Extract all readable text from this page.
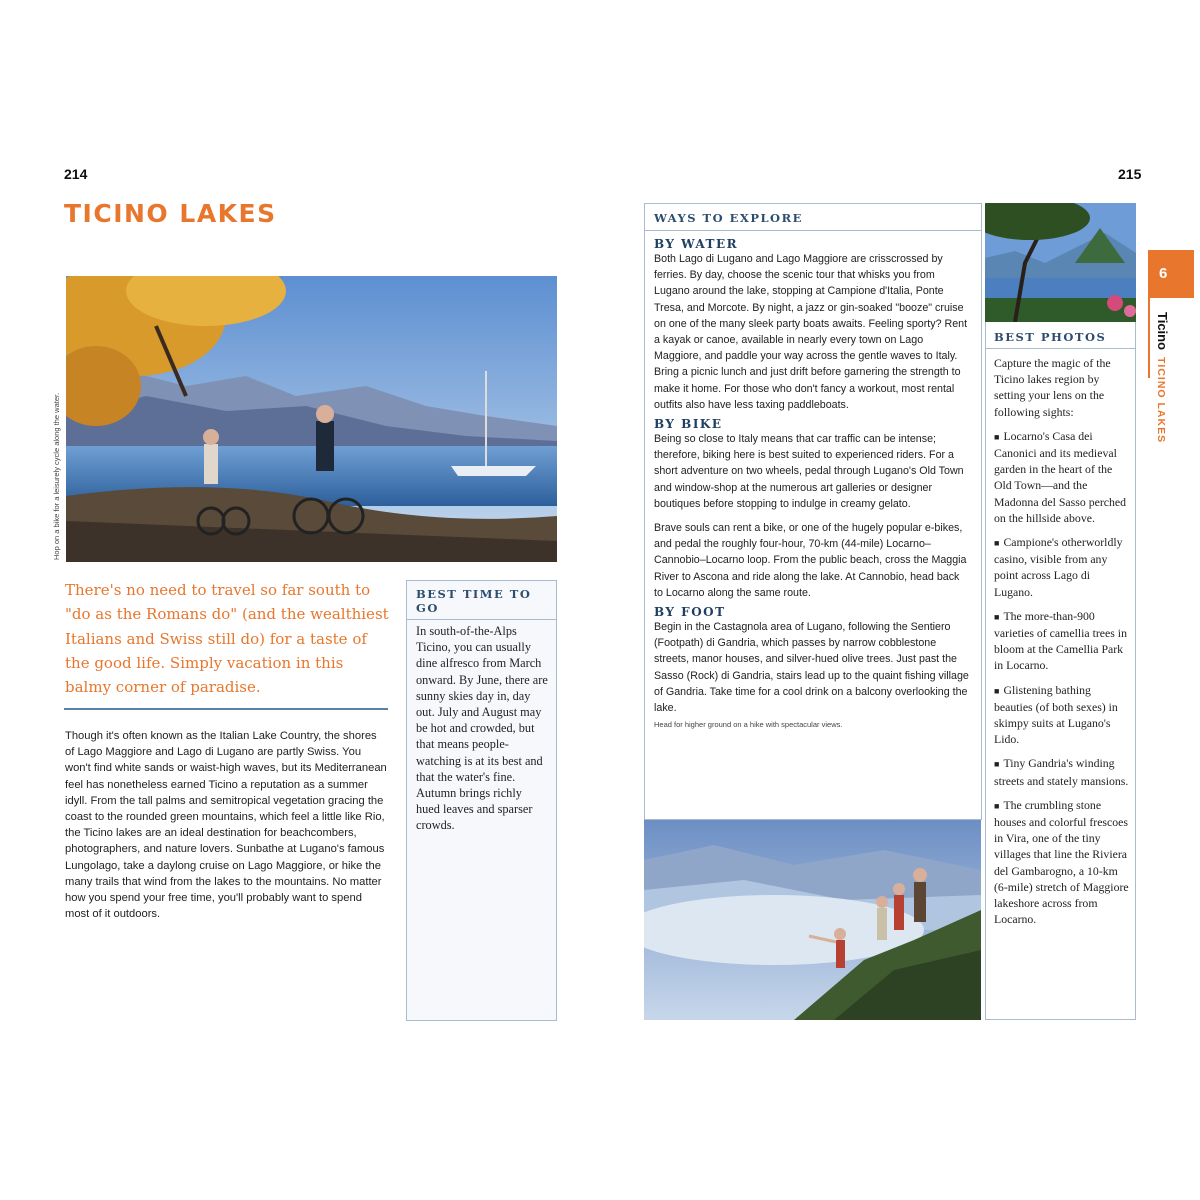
214	215
TICINO LAKES
Hop on a bike for a leisurely cycle along the water.
There's no need to travel so far south to "do as the Romans do" (and the wealthiest Italians and Swiss still do) for a taste of the good life. Simply vacation in this balmy corner of paradise.
Though it's often known as the Italian Lake Country, the shores of Lago Maggiore and Lago di Lugano are partly Swiss. You won't find white sands or waist-high waves, but its Mediterranean feel has nonetheless earned Ticino a reputation as a summer idyll. From the tall palms and semitropical vegetation gracing the coast to the rounded green mountains, which feel a little like Rio, the Ticino lakes are an ideal destination for beachcombers, photographers, and nature lovers. Sunbathe at Lugano's famous Lungolago, take a daylong cruise on Lago Maggiore, or hike the many trails that wind from the lakes to the mountains. No matter how you spend your free time, you'll probably want to spend most of it outdoors.
BEST TIME TO GO
In south-of-the-Alps Ticino, you can usually dine alfresco from March onward. By June, there are sunny skies day in, day out. July and August may be hot and crowded, but that means people-watching is at its best and that the water's fine. Autumn brings richly hued leaves and sparser crowds.
WAYS TO EXPLORE
BY WATER
Both Lago di Lugano and Lago Maggiore are crisscrossed by ferries. By day, choose the scenic tour that whisks you from Lugano around the lake, stopping at Campione d'Italia, Ponte Tresa, and Morcote. By night, a jazz or gin-soaked "booze" cruise on one of the many sleek party boats awaits. Feeling sporty? Rent a kayak or canoe, available in nearly every town on Lago Maggiore, and paddle your way across the gentle waves to Italy. Bring a picnic lunch and just drift before garnering the strength to make it home. For those who don't fancy a workout, most rental outfits also have less taxing paddleboats.
BY BIKE
Being so close to Italy means that car traffic can be intense; therefore, biking here is best suited to experienced riders. For a short adventure on two wheels, pedal through Lugano's Old Town and window-shop at the numerous art galleries or designer boutiques before stopping to indulge in creamy gelato.
Brave souls can rent a bike, or one of the hugely popular e-bikes, and pedal the roughly four-hour, 70-km (44-mile) Locarno–Cannobio–Locarno loop. From the public beach, cross the Maggia River to Ascona and ride along the lake. At Cannobio, head back to Locarno along the same route.
BY FOOT
Begin in the Castagnola area of Lugano, following the Sentiero (Footpath) di Gandria, which passes by narrow cobblestone streets, manor houses, and silver-hued olive trees. Just past the Sasso (Rock) di Gandria, stairs lead up to the quaint fishing village of Gandria. Take time for a cool drink on a balcony overlooking the lake.
Head for higher ground on a hike with spectacular views.
BEST PHOTOS

Capture the magic of the Ticino lakes region by setting your lens on the following sights:

■ Locarno's Casa dei Canonici and its medieval garden in the heart of the Old Town—and the Madonna del Sasso perched on the hillside above.

■ Campione's otherworldly casino, visible from any point across Lago di Lugano.

■ The more-than-900 varieties of camellia trees in bloom at the Camellia Park in Locarno.

■ Glistening bathing beauties (of both sexes) in skimpy suits at Lugano's Lido.

■ Tiny Gandria's winding streets and stately mansions.

■ The crumbling stone houses and colorful frescoes in Vira, one of the tiny villages that line the Riviera del Gambarogno, a 10-km (6-mile) stretch of Maggiore lakeshore across from Locarno.

6
Ticino
TICINO LAKES
